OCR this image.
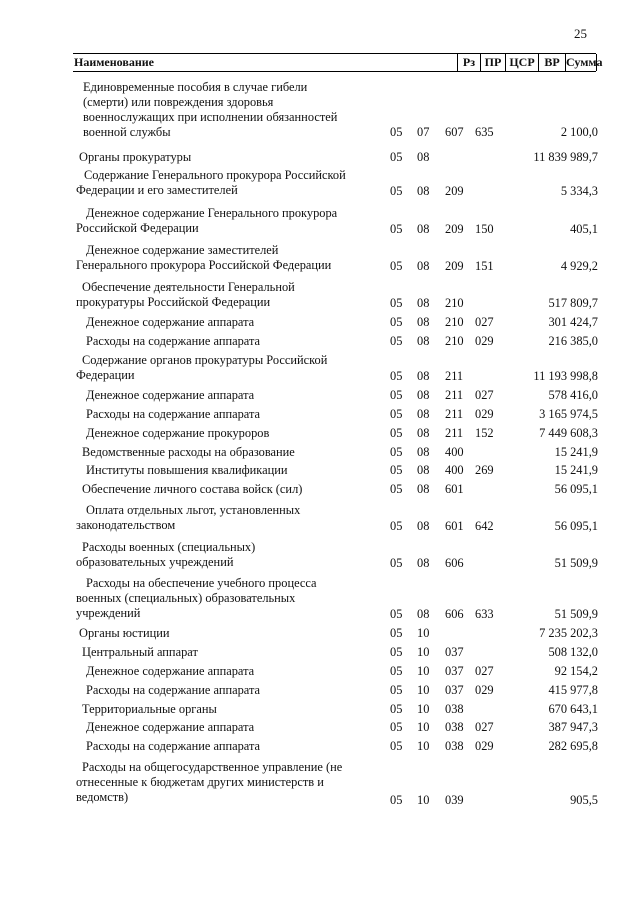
25
Наименование	Рз ПР ЦСР ВР Сумма
Единовременные пособия в случае гибели
(смерти) или повреждения здоровья
военнослужащих при исполнении обязанностей
военной службы	05 07 607 635	2 100,0
Органы прокуратуры	05 08	11 839 989,7
Содержание Генерального прокурора Российской
Федерации и его заместителей	05 08 209	5 334,3
Денежное содержание Генерального прокурора
Российской Федерации	05 08 209 150	405,1
Денежное содержание заместителей
Генерального прокурора Российской Федерации	05 08 209 151	4 929,2
Обеспечение деятельности Генеральной
прокуратуры Российской Федерации	05 08 210	517 809,7
Денежное содержание аппарата	05 08 210 027	301 424,7
Расходы на содержание аппарата	05 08 210 029	216 385,0
Содержание органов прокуратуры Российской
Федерации	05 08 211	11 193 998,8
Денежное содержание аппарата	05 08 211 027	578 416,0
Расходы на содержание аппарата	05 08 211 029	3 165 974,5
Денежное содержание прокуроров	05 08 211 152	7 449 608,3
Ведомственные расходы на образование	05 08 400	15 241,9
Институты повышения квалификации	05 08 400 269	15 241,9
Обеспечение личного состава войск (сил)	05 08 601	56 095,1
Оплата отдельных льгот, установленных
законодательством	05 08 601 642	56 095,1
Расходы военных (специальных)
образовательных учреждений	05 08 606	51 509,9
Расходы на обеспечение учебного процесса
военных (специальных) образовательных
учреждений	05 08 606 633	51 509,9
Органы юстиции	05 10	7 235 202,3
Центральный аппарат	05 10 037	508 132,0
Денежное содержание аппарата	05 10 037 027	92 154,2
Расходы на содержание аппарата	05 10 037 029	415 977,8
Территориальные органы	05 10 038	670 643,1
Денежное содержание аппарата	05 10 038 027	387 947,3
Расходы на содержание аппарата	05 10 038 029	282 695,8
Расходы на общегосударственное управление (не
отнесенные к бюджетам других министерств и
ведомств)	05 10 039	905,5
